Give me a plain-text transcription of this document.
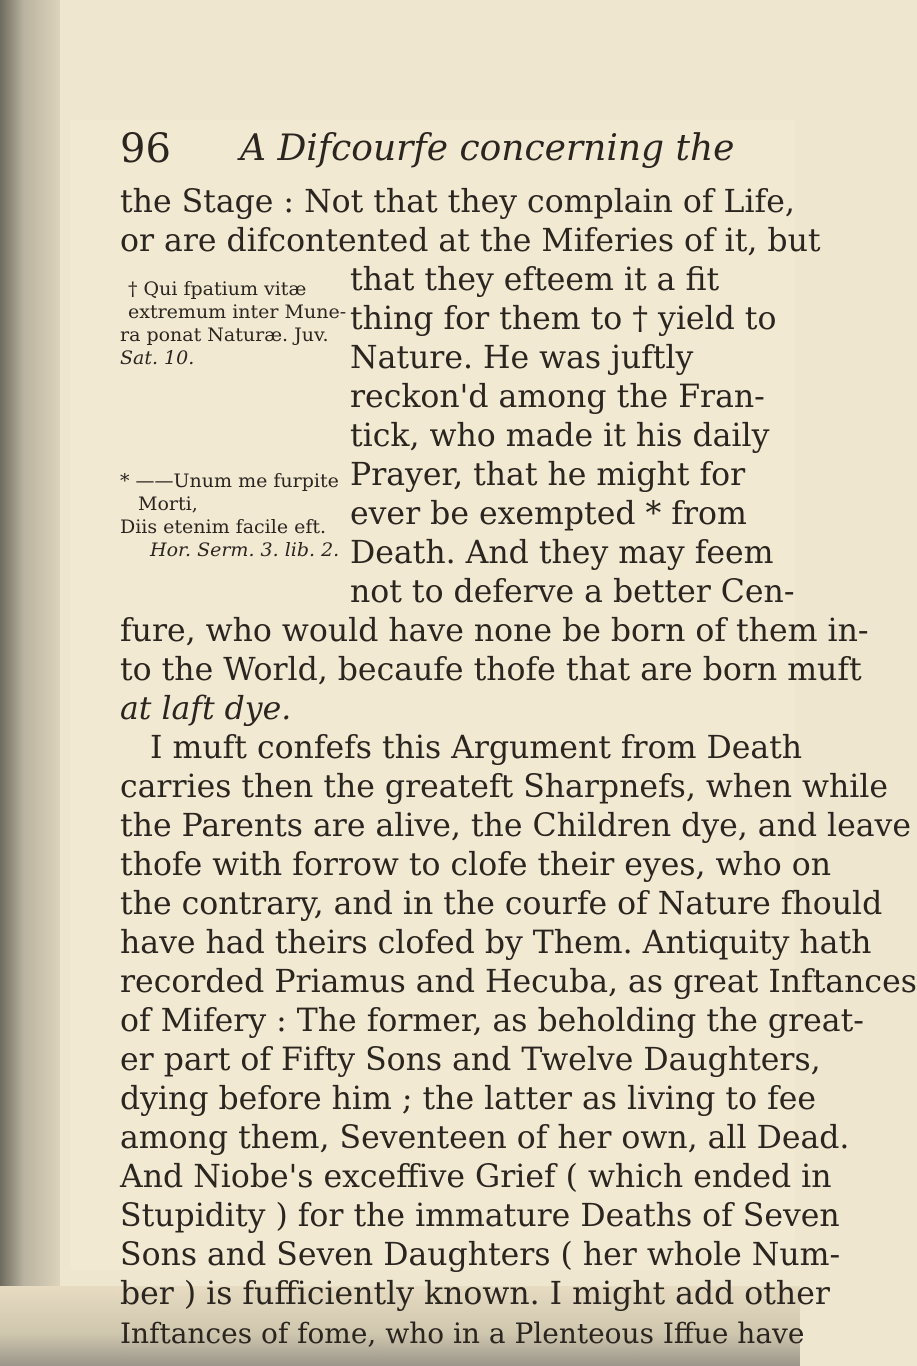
96 A Difcourfe concerning the
the Stage : Not that they complain of Life,
or are difcontented at the Miferies of it, but
that they efteem it a fit
thing for them to † yield to
Nature. He was juftly
reckon'd among the Fran-
tick, who made it his daily
Prayer, that he might for
ever be exempted * from
Death. And they may feem
not to deferve a better Cen-
† Qui fpatium vitæ
extremum inter Mune-
ra ponat Naturæ. Juv.
Sat. 10.
* ——Unum me furpite
Morti,
Diis etenim facile eft.
Hor. Serm. 3. lib. 2.
fure, who would have none be born of them in-
to the World, becaufe thofe that are born muft
at laft dye.
I muft confefs this Argument from Death
carries then the greateft Sharpnefs, when while
the Parents are alive, the Children dye, and leave
thofe with forrow to clofe their eyes, who on
the contrary, and in the courfe of Nature fhould
have had theirs clofed by Them. Antiquity hath
recorded Priamus and Hecuba, as great Inftances
of Mifery : The former, as beholding the great-
er part of Fifty Sons and Twelve Daughters,
dying before him ; the latter as living to fee
among them, Seventeen of her own, all Dead.
And Niobe's exceffive Grief ( which ended in
Stupidity ) for the immature Deaths of Seven
Sons and Seven Daughters ( her whole Num-
ber ) is fufficiently known. I might add other
Inftances of fome, who in a Plenteous Iffue have
